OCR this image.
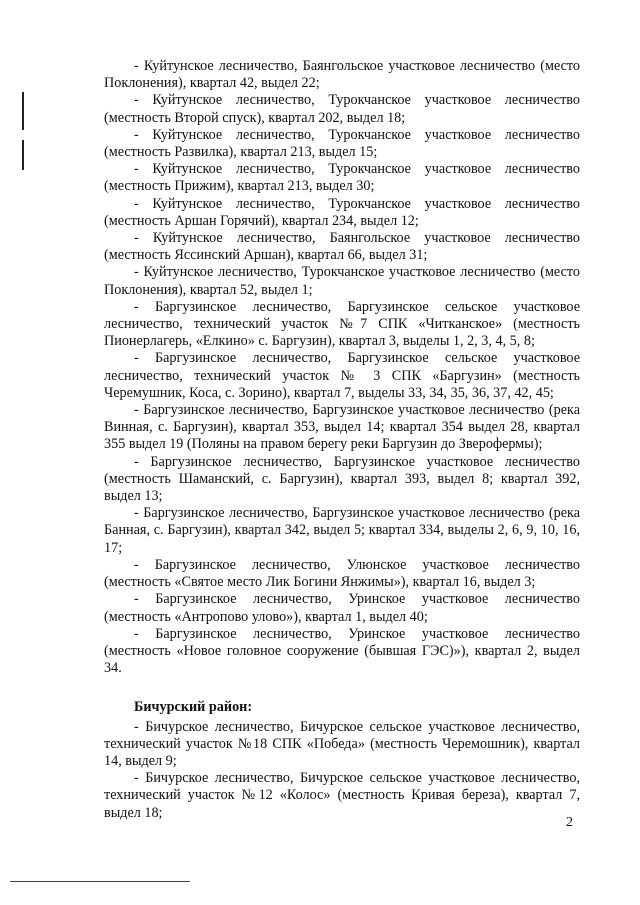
- Куйтунское лесничество, Баянгольское участковое лесничество (место Поклонения), квартал 42, выдел 22;

- Куйтунское лесничество, Турокчанское участковое лесничество (местность Второй спуск), квартал 202, выдел 18;

- Куйтунское лесничество, Турокчанское участковое лесничество (местность Развилка), квартал 213, выдел 15;

- Куйтунское лесничество, Турокчанское участковое лесничество (местность Прижим), квартал 213, выдел 30;

- Куйтунское лесничество, Турокчанское участковое лесничество (местность Аршан Горячий), квартал 234, выдел 12;

- Куйтунское лесничество, Баянгольское участковое лесничество (местность Яссинский Аршан), квартал 66, выдел 31;

- Куйтунское лесничество, Турокчанское участковое лесничество (место Поклонения), квартал 52, выдел 1;

- Баргузинское лесничество, Баргузинское сельское участковое лесничество, технический участок №7 СПК «Читканское» (местность Пионерлагерь, «Елкино» с. Баргузин), квартал 3, выделы 1, 2, 3, 4, 5, 8;

- Баргузинское лесничество, Баргузинское сельское участковое лесничество, технический участок № 3 СПК «Баргузин» (местность Черемушник, Коса, с. Зорино), квартал 7, выделы 33, 34, 35, 36, 37, 42, 45;

- Баргузинское лесничество, Баргузинское участковое лесничество (река Винная, с. Баргузин), квартал 353, выдел 14; квартал 354 выдел 28, квартал 355 выдел 19 (Поляны на правом берегу реки Баргузин до Зверофермы);

- Баргузинское лесничество, Баргузинское участковое лесничество (местность Шаманский, с. Баргузин), квартал 393, выдел 8; квартал 392, выдел 13;

- Баргузинское лесничество, Баргузинское участковое лесничество (река Банная, с. Баргузин), квартал 342, выдел 5; квартал 334, выделы 2, 6, 9, 10, 16, 17;

- Баргузинское лесничество, Улюнское участковое лесничество (местность «Святое место Лик Богини Янжимы»), квартал 16, выдел 3;

- Баргузинское лесничество, Уринское участковое лесничество (местность «Антропово улово»), квартал 1, выдел 40;

- Баргузинское лесничество, Уринское участковое лесничество (местность «Новое головное сооружение (бывшая ГЭС)»), квартал 2, выдел 34.

Бичурский район:

- Бичурское лесничество, Бичурское сельское участковое лесничество, технический участок №18 СПК «Победа» (местность Черемошник), квартал 14, выдел 9;

- Бичурское лесничество, Бичурское сельское участковое лесничество, технический участок №12 «Колос» (местность Кривая береза), квартал 7, выдел 18;

2
